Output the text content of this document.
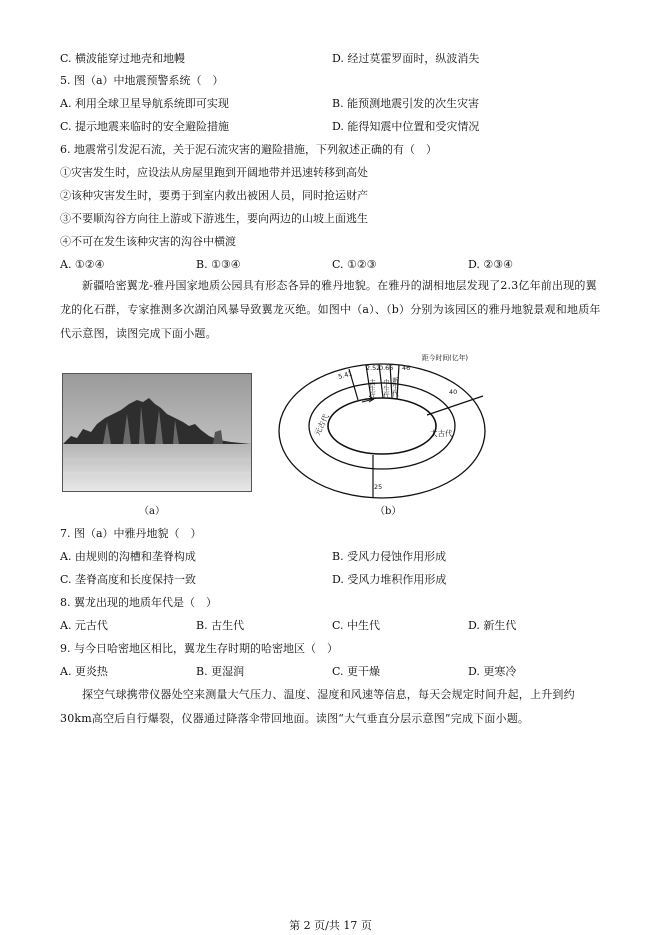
C. 横波能穿过地壳和地幔	D. 经过莫霍罗面时，纵波消失
5. 图（a）中地震预警系统（　）
A. 利用全球卫星导航系统即可实现	B. 能预测地震引发的次生灾害
C. 提示地震来临时的安全避险措施	D. 能得知震中位置和受灾情况
6. 地震常引发泥石流，关于泥石流灾害的避险措施，下列叙述正确的有（　）
①灾害发生时，应设法从房屋里跑到开阔地带并迅速转移到高处
②该种灾害发生时，要勇于到室内救出被困人员，同时抢运财产
③不要顺沟谷方向往上游或下游逃生，要向两边的山坡上面逃生
④不可在发生该种灾害的沟谷中横渡
A. ①②④	B. ①③④	C. ①②③	D. ②③④
新疆哈密翼龙-雅丹国家地质公园具有形态各异的雅丹地貌。在雅丹的湖相地层发现了2.3亿年前出现的翼龙的化石群，专家推测多次湖泊风暴导致翼龙灭绝。如图中（a）、（b）分别为该园区的雅丹地貌景观和地质年代示意图，读图完成下面小题。
（a）
距今时间(亿年)
5.41
2.52
0.66 46
40
25
古生代 中生代 新生代
元古代	太古代
（b）
7. 图（a）中雅丹地貌（　）
A. 由规则的沟槽和垄脊构成	B. 受风力侵蚀作用形成
C. 垄脊高度和长度保持一致	D. 受风力堆积作用形成
8. 翼龙出现的地质年代是（　）
A. 元古代	B. 古生代	C. 中生代	D. 新生代
9. 与今日哈密地区相比，翼龙生存时期的哈密地区（　）
A. 更炎热	B. 更湿润	C. 更干燥	D. 更寒冷
探空气球携带仪器处空来测量大气压力、温度、湿度和风速等信息，每天会规定时间升起，上升到约30km高空后自行爆裂，仪器通过降落伞带回地面。读图“大气垂直分层示意图”完成下面小题。
第 2 页/共 17 页
